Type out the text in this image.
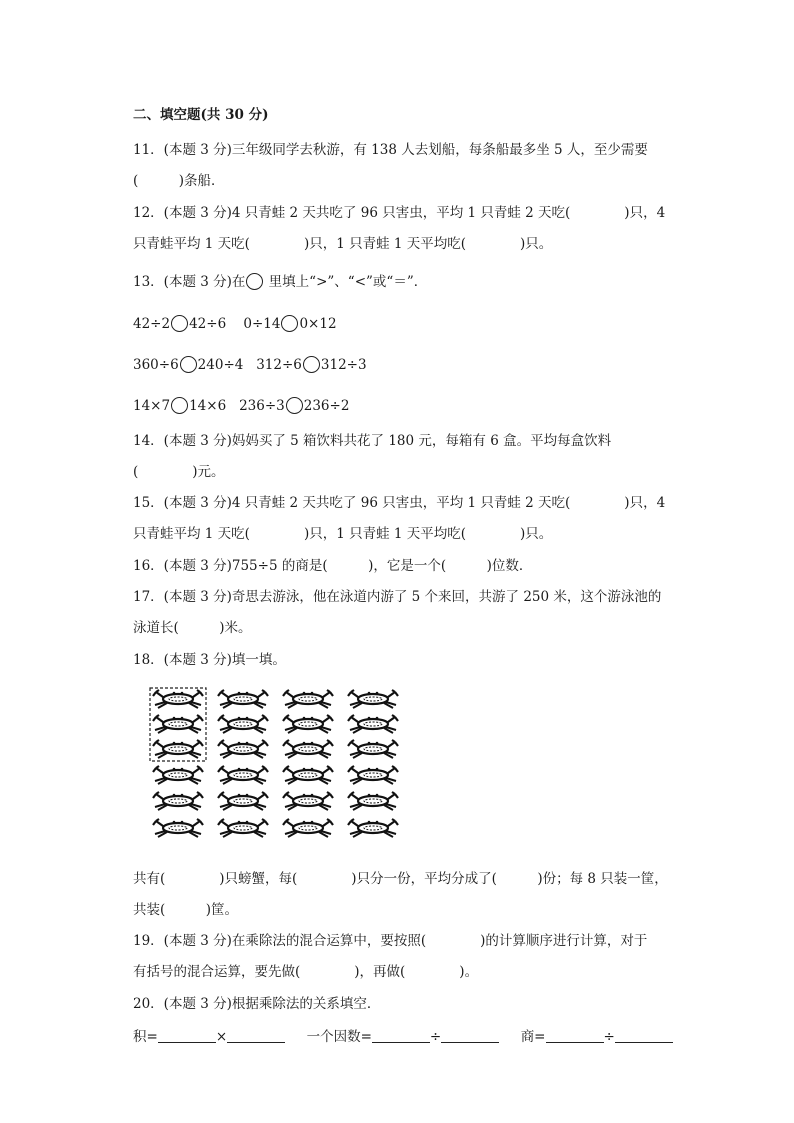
二、填空题(共 30 分)
11．(本题 3 分)三年级同学去秋游，有 138 人去划船，每条船最多坐 5 人，至少需要
(　　　)条船．
12．(本题 3 分)4 只青蛙 2 天共吃了 96 只害虫，平均 1 只青蛙 2 天吃(　　　　)只，4
只青蛙平均 1 天吃(　　　　)只，1 只青蛙 1 天平均吃(　　　　)只。
13．(本题 3 分)在 里填上“>”、“<”或“＝”．
42÷2 42÷6 0÷14 0×12
360÷6 240÷4 312÷6 312÷3
14×7 14×6 236÷3 236÷2
14．(本题 3 分)妈妈买了 5 箱饮料共花了 180 元，每箱有 6 盒。平均每盒饮料
(　　　　)元。
15．(本题 3 分)4 只青蛙 2 天共吃了 96 只害虫，平均 1 只青蛙 2 天吃(　　　　)只，4
只青蛙平均 1 天吃(　　　　)只，1 只青蛙 1 天平均吃(　　　　)只。
16．(本题 3 分)755÷5 的商是(　　　)，它是一个(　　　)位数．
17．(本题 3 分)奇思去游泳，他在泳道内游了 5 个来回，共游了 250 米，这个游泳池的
泳道长(　　　)米。
18．(本题 3 分)填一填。
共有(　　　　)只螃蟹，每(　　　　)只分一份，平均分成了(　　　)份；每 8 只装一筐，
共装(　　　)筐。
19．(本题 3 分)在乘除法的混合运算中，要按照(　　　　)的计算顺序进行计算，对于
有括号的混合运算，要先做(　　　　)，再做(　　　　)。
20．(本题 3 分)根据乘除法的关系填空．
积=	×	一个因数=	÷	商=	÷
